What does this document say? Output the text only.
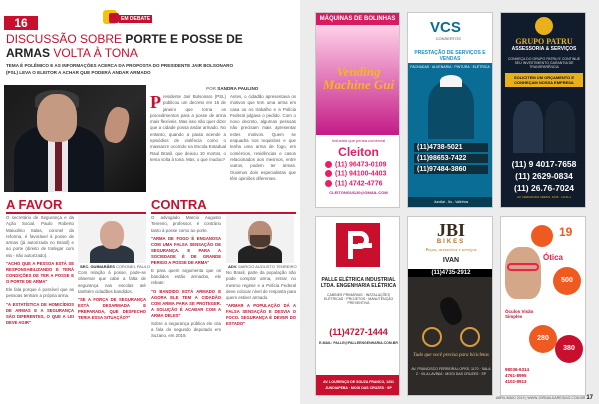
16	EM DEBATE
DISCUSSÃO SOBRE PORTE E POSSE DE
ARMAS VOLTA À TONA
TEMA É POLÊMICO E AS INFORMAÇÕES ACERCA DA PROPOSTA DO PRESIDENTE JAIR BOLSONARO (PSL) LEVA O ELEITOR A ACHAR QUE PODERÁ ANDAR ARMADO
POR SANDRA PAULINO
P residente Jair Bolsonaro (PSL) publicou um decreto em 15 de janeiro que torna os procedimentos para a posse de arma mais flexíveis. Mas isso não quer dizer que a cidade possa andar armado. No entanto, quando a pauta acende a episódios de violência como o massacre ocorrido na Escola Estadual Raul Brasil, que deixou 10 mortos, o tema volta à tona. Mas, o que mudou?
Antes, o cidadão apresentava os motivos que tem uma arma em casa ou no trabalho e a Polícia Federal julgava o pedido. Com o novo decreto, algumas pessoas não precisam mais apresentar estes motivos. Quem se enquadra nos requisitos e que tenha uma arma de fogo, em comércios, residências e casos relacionados aos mesmos, entre outros, podem ter armas. Ouvimos dois especialistas que têm opiniões diferentes.
A FAVOR	CONTRA
O secretário de Segurança e da Ação Social, Paulo Roberto Maiuolino Salas, coronel da reforma, é favorável à posse de armas (já autorizada no Brasil) e ao porte (direito de trafegar com ela - não autorizado).
"ACHO QUE A PESSOA ESTÁ SE RESPONSABILIZANDO E TERÁ CONDIÇÕES DE TER A POSSE E O PORTE DE ARMA"
Ele fala porque é possível que as pessoas tenham a própria arma.
"A ESTATÍSTICA DE HOMICÍDIOS DE ARMAS E A SEGURANÇA SÃO DIFERENTES, O QUE A LEI DEVE AGIR"
SEC. GUIMARÃES CORONEL PAULO
Com relação à posse, pode-se observar que cabe a falta de segurança nas escolas até também cidadãos bandidos.
"SE A FORÇA DE SEGURANÇA ESTÁ DESARMADA E PREPARADA, QUE DESFECHO TERIA ESSA SITUAÇÃO?"
O advogado Marcio Augusto Tenreiro, professor, é contrário tanto à posse como ao porte.
"ARMA DE FOGO É ENGANOSA COM UMA FALSA SENSAÇÃO DE SEGURANÇA. E PARA A SOCIEDADE É DE GRANDE PERIGO A POSSE DE ARMA"
E para quem argumenta que os bandidos estão armados, ele rebate:
"O BANDIDO ESTÁ ARMADO E AGORA ELE TEM A CIDADÃO COM ARMA PARA SE PROTEGER. A SOLUÇÃO É ACABAR COM A ARMA DELES"
Sobre a segurança pública ele cita a fala do segundo deputado em Suzano, em 2019.
ADV. MARCIO AUGUSTO TENREIRO
No Brasil, parte da população não pode comprar arma, entrar no mesmo regime e a Polícia Federal deve colocar nível de resposta para quem estiver armado.
"ARMAR A POPULAÇÃO DÁ A FALSA SENSAÇÃO E DESVIA O FOCO. SEGURANÇA É DEVER DO ESTADO"
MÁQUINAS DE BOLINHAS
Vending Machine Gui
Indústria que pensa comercial
Cleiton
(11) 96473-0109
(11) 94100-4403
(11) 4742-4776
CLEITONGUI120@GMAIL.COM
VCS
CONSERTOS
PRESTAÇÃO DE SERVIÇOS E VENDAS
FACHADAS · ALVENARIA · PINTURA · ELÉTRICA
(11)4738-5021
(11)98653-7422
(11)97484-3860
Jundiaí - Itu - Valinhos
GRUPO PATRU
ASSESSORIA & SERVIÇOS
CONHEÇA DO GRUPO PATRU E CONTINUE SEU INVESTIMENTO GARANTIA DE TRANSPARÊNCIA
SOLICITEM UM ORÇAMENTO E CONHEÇAM NOSSA EMPRESA
(11) 9 4017-7658
(11) 2629-0834
(11) 26.76-7024
AV. FERNANDO ARENS, 1045 · LOJA 1
PALLE ELÉTRICA INDUSTRIAL LTDA. ENGENHARIA ELÉTRICA
CABINES PRIMÁRIAS · INSTALAÇÕES ELÉTRICAS · PROJETOS · MANUTENÇÃO PREVENTIVA
(11)4727-1444
E-MAIL: PALLE@PALLEENGENHARIA.COM.BR
AV. LOURENÇO DE SOUZA FRANCO, 1231 JUNDIAPEBA · MOGI DAS CRUZES · SP
JBI
BIKES
Peças, acessórios e serviços
IVAN
(11)4735-2912
Tudo que você precisa para bicicletas
AV. FRANCISCO FERREIRA LOPES, 1170 · SALA 2 · VILA LAVÍNIA · MOGI DAS CRUZES · SP
19
Ótica
500
Óculos Visão Simples
280
380
98036-6314
4761-8995
4102-8913
ABRIL/MAIO 2019 | WWW.JORNALDAREGIAO.COM.BR 17
